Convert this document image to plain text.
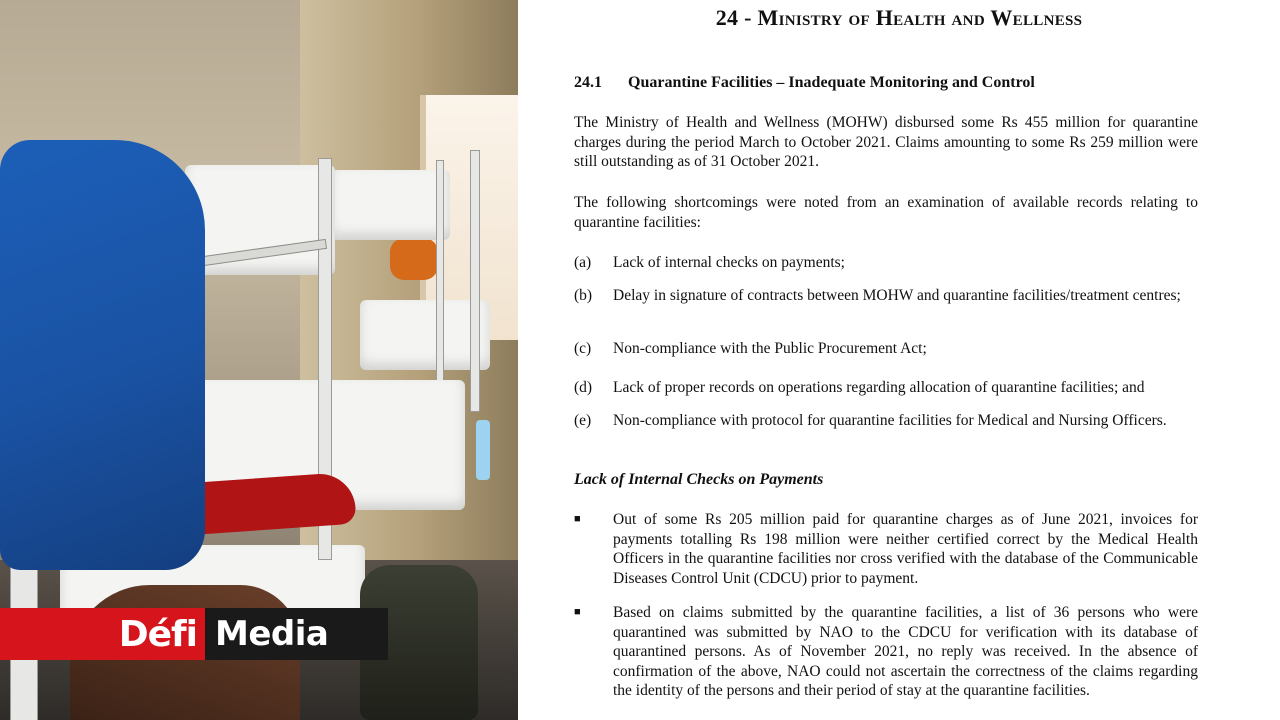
Défi Media
24 - Ministry of Health and Wellness
24.1 Quarantine Facilities – Inadequate Monitoring and Control
The Ministry of Health and Wellness (MOHW) disbursed some Rs 455 million for quarantine charges during the period March to October 2021. Claims amounting to some Rs 259 million were still outstanding as of 31 October 2021.
The following shortcomings were noted from an examination of available records relating to quarantine facilities:
(a) Lack of internal checks on payments;
(b) Delay in signature of contracts between MOHW and quarantine facilities/treatment centres;
(c) Non-compliance with the Public Procurement Act;
(d) Lack of proper records on operations regarding allocation of quarantine facilities; and
(e) Non-compliance with protocol for quarantine facilities for Medical and Nursing Officers.
Lack of Internal Checks on Payments
■ Out of some Rs 205 million paid for quarantine charges as of June 2021, invoices for payments totalling Rs 198 million were neither certified correct by the Medical Health Officers in the quarantine facilities nor cross verified with the database of the Communicable Diseases Control Unit (CDCU) prior to payment.
■ Based on claims submitted by the quarantine facilities, a list of 36 persons who were quarantined was submitted by NAO to the CDCU for verification with its database of quarantined persons. As of November 2021, no reply was received. In the absence of confirmation of the above, NAO could not ascertain the correctness of the claims regarding the identity of the persons and their period of stay at the quarantine facilities.
